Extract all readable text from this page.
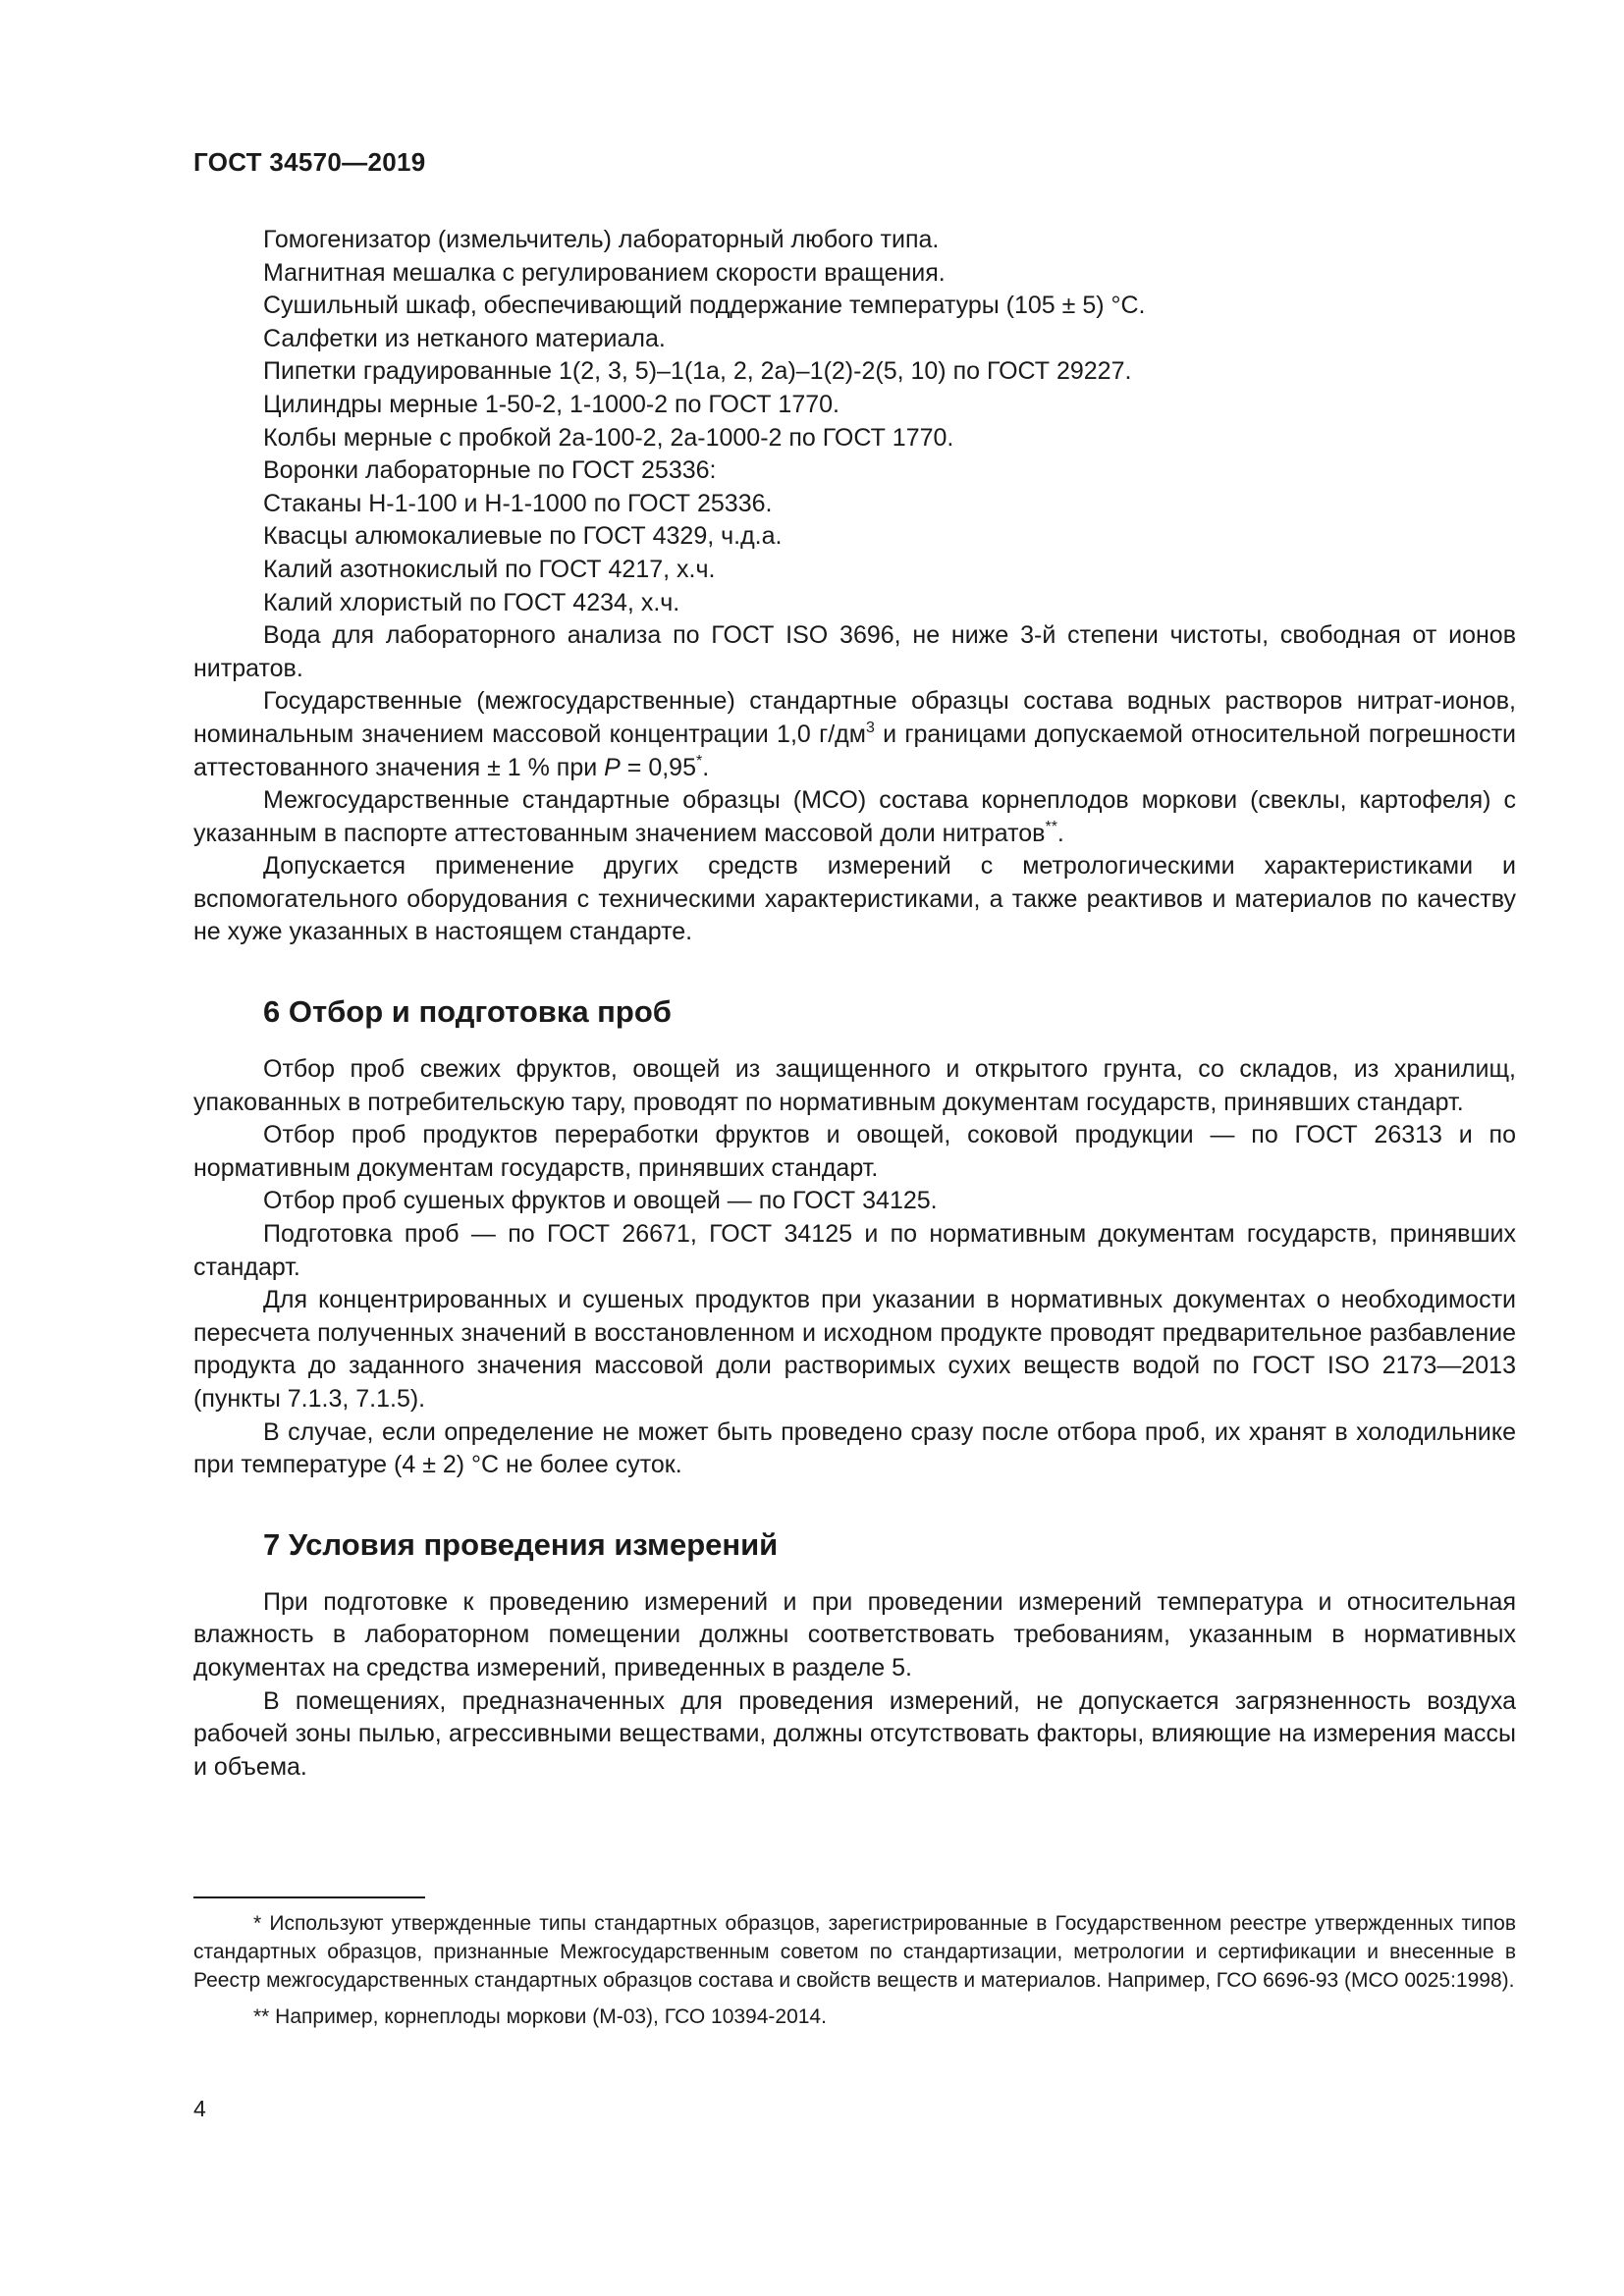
ГОСТ 34570—2019

Гомогенизатор (измельчитель) лабораторный любого типа.

Магнитная мешалка с регулированием скорости вращения.

Сушильный шкаф, обеспечивающий поддержание температуры (105 ± 5) °С.

Салфетки из нетканого материала.

Пипетки градуированные 1(2, 3, 5)–1(1а, 2, 2а)–1(2)-2(5, 10) по ГОСТ 29227.

Цилиндры мерные 1-50-2, 1-1000-2 по ГОСТ 1770.

Колбы мерные с пробкой 2а-100-2, 2а-1000-2 по ГОСТ 1770.

Воронки лабораторные по ГОСТ 25336:

Стаканы Н-1-100 и Н-1-1000 по ГОСТ 25336.

Квасцы алюмокалиевые по ГОСТ 4329, ч.д.а.

Калий азотнокислый по ГОСТ 4217, х.ч.

Калий хлористый по ГОСТ 4234, х.ч.

Вода для лабораторного анализа по ГОСТ ISO 3696, не ниже 3-й степени чистоты, свободная от ионов нитратов.

Государственные (межгосударственные) стандартные образцы состава водных растворов нитрат-ионов, номинальным значением массовой концентрации 1,0 $г/дм^3$ и границами допускаемой относительной погрешности аттестованного значения ± 1 % при P = 0,95*.

Межгосударственные стандартные образцы (МСО) состава корнеплодов моркови (свеклы, картофеля) с указанным в паспорте аттестованным значением массовой доли нитратов**.

Допускается применение других средств измерений с метрологическими характеристиками и вспомогательного оборудования с техническими характеристиками, а также реактивов и материалов по качеству не хуже указанных в настоящем стандарте.

6 Отбор и подготовка проб

Отбор проб свежих фруктов, овощей из защищенного и открытого грунта, со складов, из хранилищ, упакованных в потребительскую тару, проводят по нормативным документам государств, принявших стандарт.

Отбор проб продуктов переработки фруктов и овощей, соковой продукции — по ГОСТ 26313 и по нормативным документам государств, принявших стандарт.

Отбор проб сушеных фруктов и овощей — по ГОСТ 34125.

Подготовка проб — по ГОСТ 26671, ГОСТ 34125 и по нормативным документам государств, принявших стандарт.

Для концентрированных и сушеных продуктов при указании в нормативных документах о необходимости пересчета полученных значений в восстановленном и исходном продукте проводят предварительное разбавление продукта до заданного значения массовой доли растворимых сухих веществ водой по ГОСТ ISO 2173—2013 (пункты 7.1.3, 7.1.5).

В случае, если определение не может быть проведено сразу после отбора проб, их хранят в холодильнике при температуре (4 ± 2) °С не более суток.

7 Условия проведения измерений

При подготовке к проведению измерений и при проведении измерений температура и относительная влажность в лабораторном помещении должны соответствовать требованиям, указанным в нормативных документах на средства измерений, приведенных в разделе 5.

В помещениях, предназначенных для проведения измерений, не допускается загрязненность воздуха рабочей зоны пылью, агрессивными веществами, должны отсутствовать факторы, влияющие на измерения массы и объема.

* Используют утвержденные типы стандартных образцов, зарегистрированные в Государственном реестре утвержденных типов стандартных образцов, признанные Межгосударственным советом по стандартизации, метрологии и сертификации и внесенные в Реестр межгосударственных стандартных образцов состава и свойств веществ и материалов. Например, ГСО 6696-93 (МСО 0025:1998).

** Например, корнеплоды моркови (М-03), ГСО 10394-2014.

4
